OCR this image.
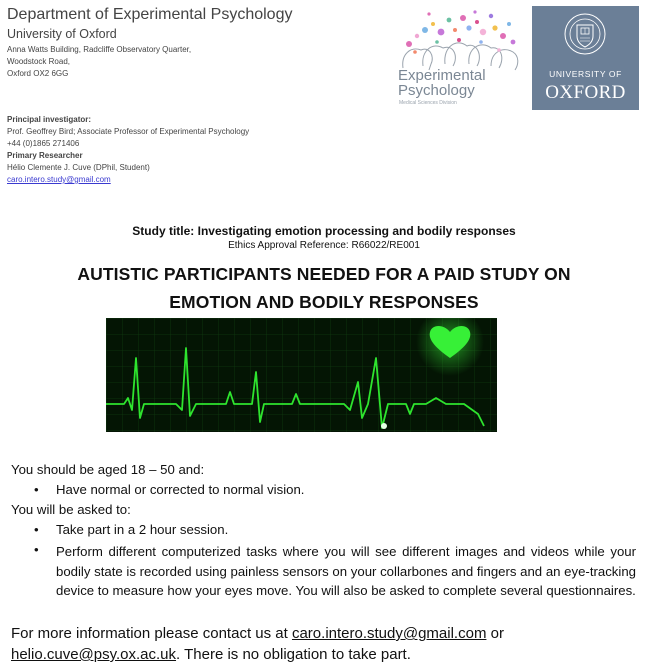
Department of Experimental Psychology
University of Oxford
Anna Watts Building, Radcliffe Observatory Quarter,
Woodstock Road,
Oxford OX2 6GG
Principal investigator:
Prof. Geoffrey Bird; Associate Professor of Experimental Psychology
+44 (0)1865 271406
Primary Researcher
Hélio Clemente J. Cuve (DPhil, Student)
caro.intero.study@gmail.com
Experimental
Psychology
Medical Sciences Division
UNIVERSITY OF
OXFORD
Study title: Investigating emotion processing and bodily responses
Ethics Approval Reference: R66022/RE001
AUTISTIC PARTICIPANTS NEEDED FOR A PAID STUDY ON
EMOTION AND BODILY RESPONSES
You should be aged 18 – 50 and:
• Have normal or corrected to normal vision.
You will be asked to:
• Take part in a 2 hour session.
• Perform different computerized tasks where you will see different images and videos while your bodily state is recorded using painless sensors on your collarbones and fingers and an eye-tracking device to measure how your eyes move. You will also be asked to complete several questionnaires.
For more information please contact us at caro.intero.study@gmail.com or
helio.cuve@psy.ox.ac.uk. There is no obligation to take part.
